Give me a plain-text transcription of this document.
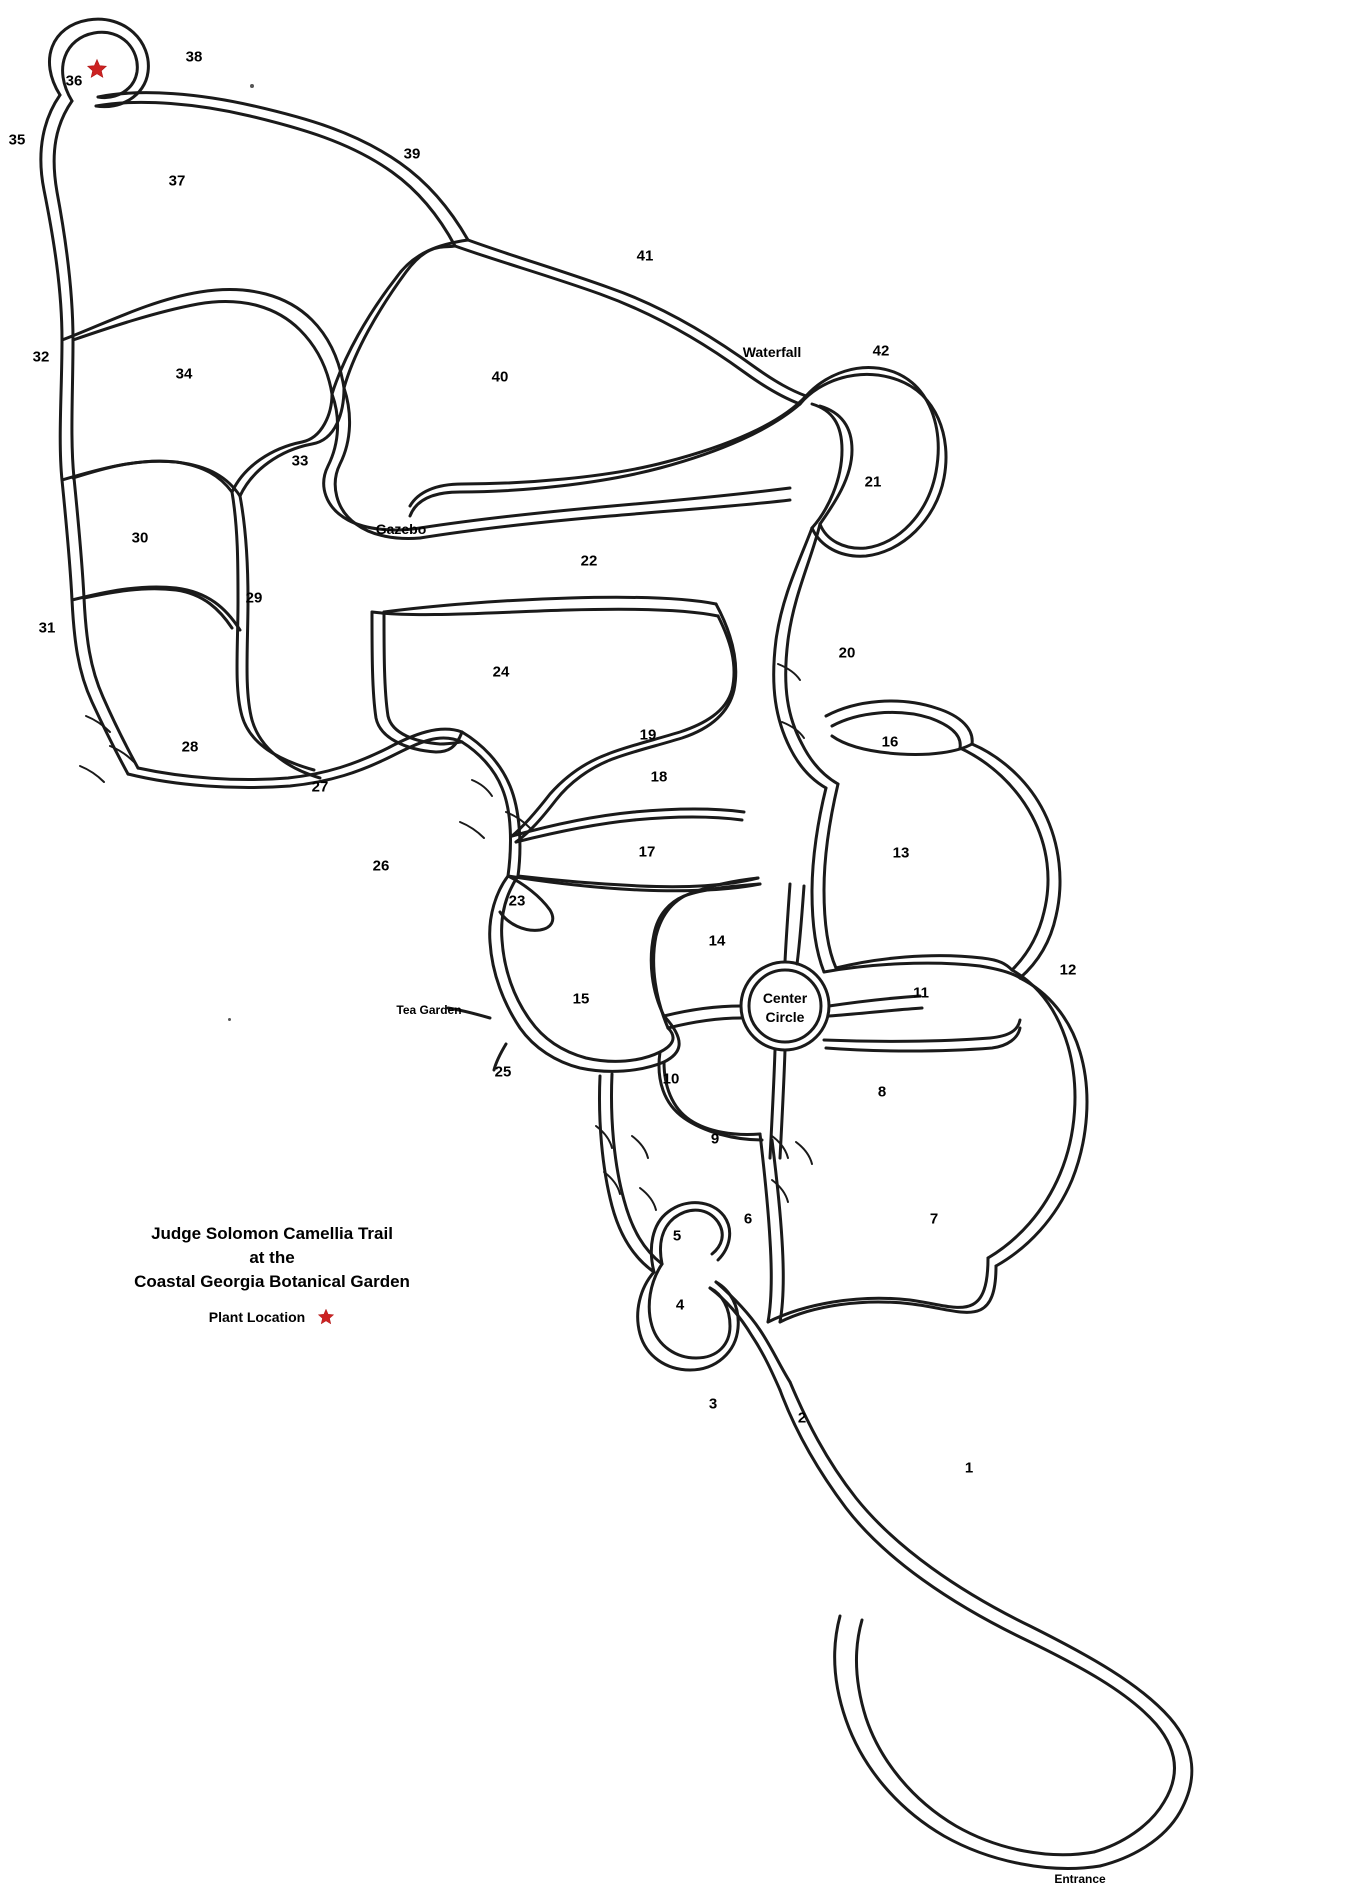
Waterfall
Gazebo
Center
Circle
Tea Garden
Entrance
1
2
3
4
5
6	7
8
9
10
11
12
13
14
15
16
17
18
19
20
21
22
23
24
25
26
27
28
29
30
31
32
33
34
35
36
37
38
39
40
41
42
Judge Solomon Camellia Trail
at the
Coastal Georgia Botanical Garden
Plant Location
